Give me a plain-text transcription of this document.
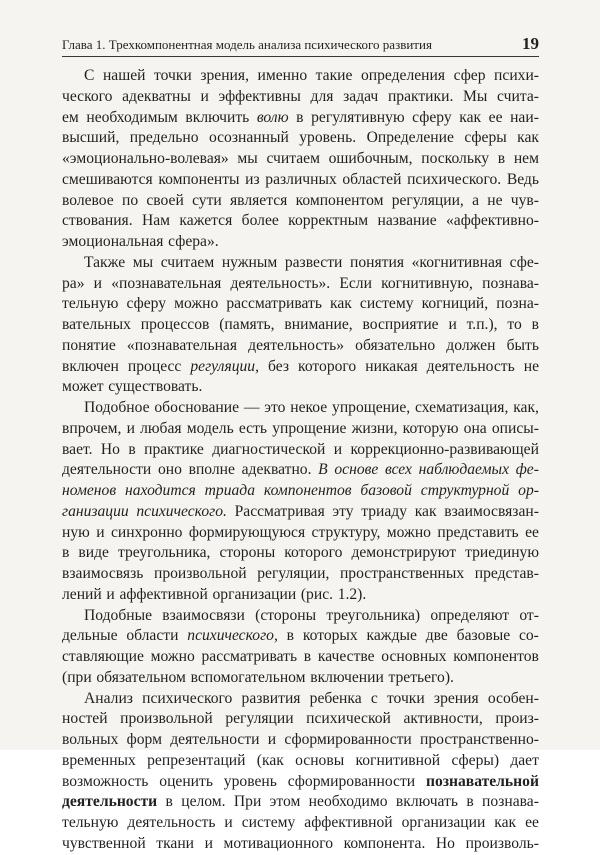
Глава 1. Трехкомпонентная модель анализа психического развития	19
С нашей точки зрения, именно такие определения сфер психи-
ческого адекватны и эффективны для задач практики. Мы счита-
ем необходимым включить волю в регулятивную сферу как ее наи-
высший, предельно осознанный уровень. Определение сферы как
«эмоционально-волевая» мы считаем ошибочным, поскольку в нем
смешиваются компоненты из различных областей психического. Ведь
волевое по своей сути является компонентом регуляции, а не чув-
ствования. Нам кажется более корректным название «аффективно-
эмоциональная сфера».
Также мы считаем нужным развести понятия «когнитивная сфе-
ра» и «познавательная деятельность». Если когнитивную, познава-
тельную сферу можно рассматривать как систему когниций, позна-
вательных процессов (память, внимание, восприятие и т.п.), то в
понятие «познавательная деятельность» обязательно должен быть
включен процесс регуляции, без которого никакая деятельность не
может существовать.
Подобное обоснование — это некое упрощение, схематизация, как,
впрочем, и любая модель есть упрощение жизни, которую она описы-
вает. Но в практике диагностической и коррекционно-развивающей
деятельности оно вполне адекватно. В основе всех наблюдаемых фе-
номенов находится триада компонентов базовой структурной ор-
ганизации психического. Рассматривая эту триаду как взаимосвязан-
ную и синхронно формирующуюся структуру, можно представить ее
в виде треугольника, стороны которого демонстрируют триединую
взаимосвязь произвольной регуляции, пространственных представ-
лений и аффективной организации (рис. 1.2).
Подобные взаимосвязи (стороны треугольника) определяют от-
дельные области психического, в которых каждые две базовые со-
ставляющие можно рассматривать в качестве основных компонентов
(при обязательном вспомогательном включении третьего).
Анализ психического развития ребенка с точки зрения особен-
ностей произвольной регуляции психической активности, произ-
вольных форм деятельности и сформированности пространственно-
временных репрезентаций (как основы когнитивной сферы) дает
возможность оценить уровень сформированности познавательной
деятельности в целом. При этом необходимо включать в познава-
тельную деятельность и систему аффективной организации как ее
чувственной ткани и мотивационного компонента. Но произволь-
